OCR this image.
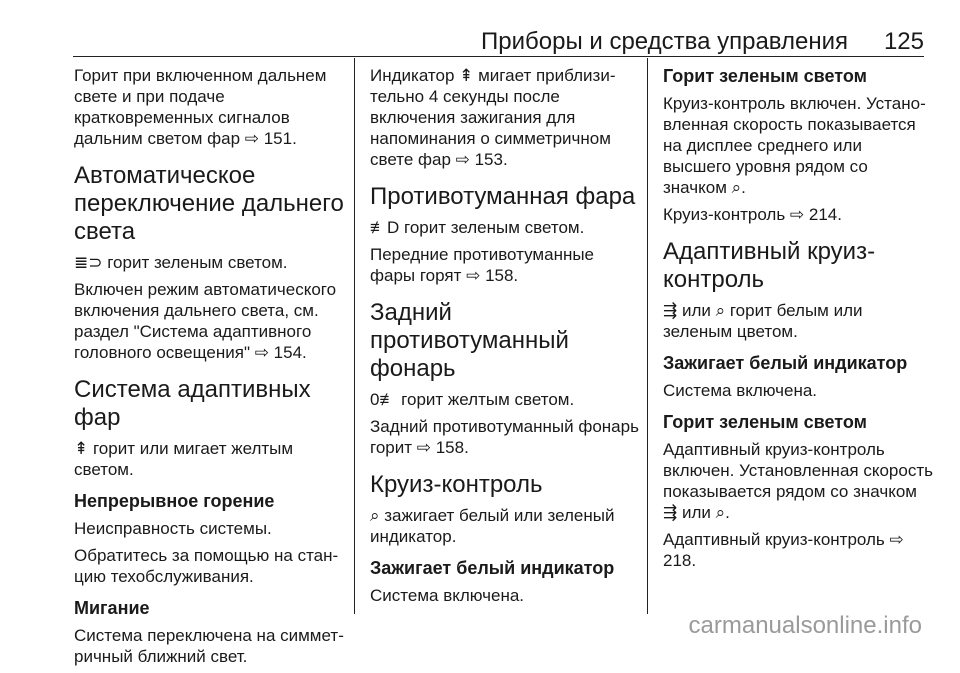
Приборы и средства управления 125

Горит при включенном дальнем свете и при подаче кратковременных сигналов дальним светом фар ⇨ 151.

Автоматическое переключение дальнего света

≣⊃ горит зеленым светом.

Включен режим автоматического включения дальнего света, см. раздел "Система адаптивного головного освещения" ⇨ 154.

Система адаптивных фар

⇞ горит или мигает желтым светом.

Непрерывное горение

Неисправность системы.

Обратитесь за помощью на станцию техобслуживания.

Мигание

Система переключена на симметричный ближний свет.

Индикатор ⇞ мигает приблизительно 4 секунды после включения зажигания для напоминания о симметричном свете фар ⇨ 153.

Противотуманная фара

≢D горит зеленым светом.

Передние противотуманные фары горят ⇨ 158.

Задний противотуманный фонарь

0≢ горит желтым светом.

Задний противотуманный фонарь горит ⇨ 158.

Круиз-контроль

⌕ зажигает белый или зеленый индикатор.

Зажигает белый индикатор

Система включена.

Горит зеленым светом

Круиз-контроль включен. Установленная скорость показывается на дисплее среднего или высшего уровня рядом со значком ⌕.

Круиз-контроль ⇨ 214.

Адаптивный круиз-контроль

⇶ или ⌕ горит белым или зеленым цветом.

Зажигает белый индикатор

Система включена.

Горит зеленым светом

Адаптивный круиз-контроль включен. Установленная скорость показывается рядом со значком ⇶ или ⌕.

Адаптивный круиз-контроль ⇨ 218.

carmanualsonline.info
